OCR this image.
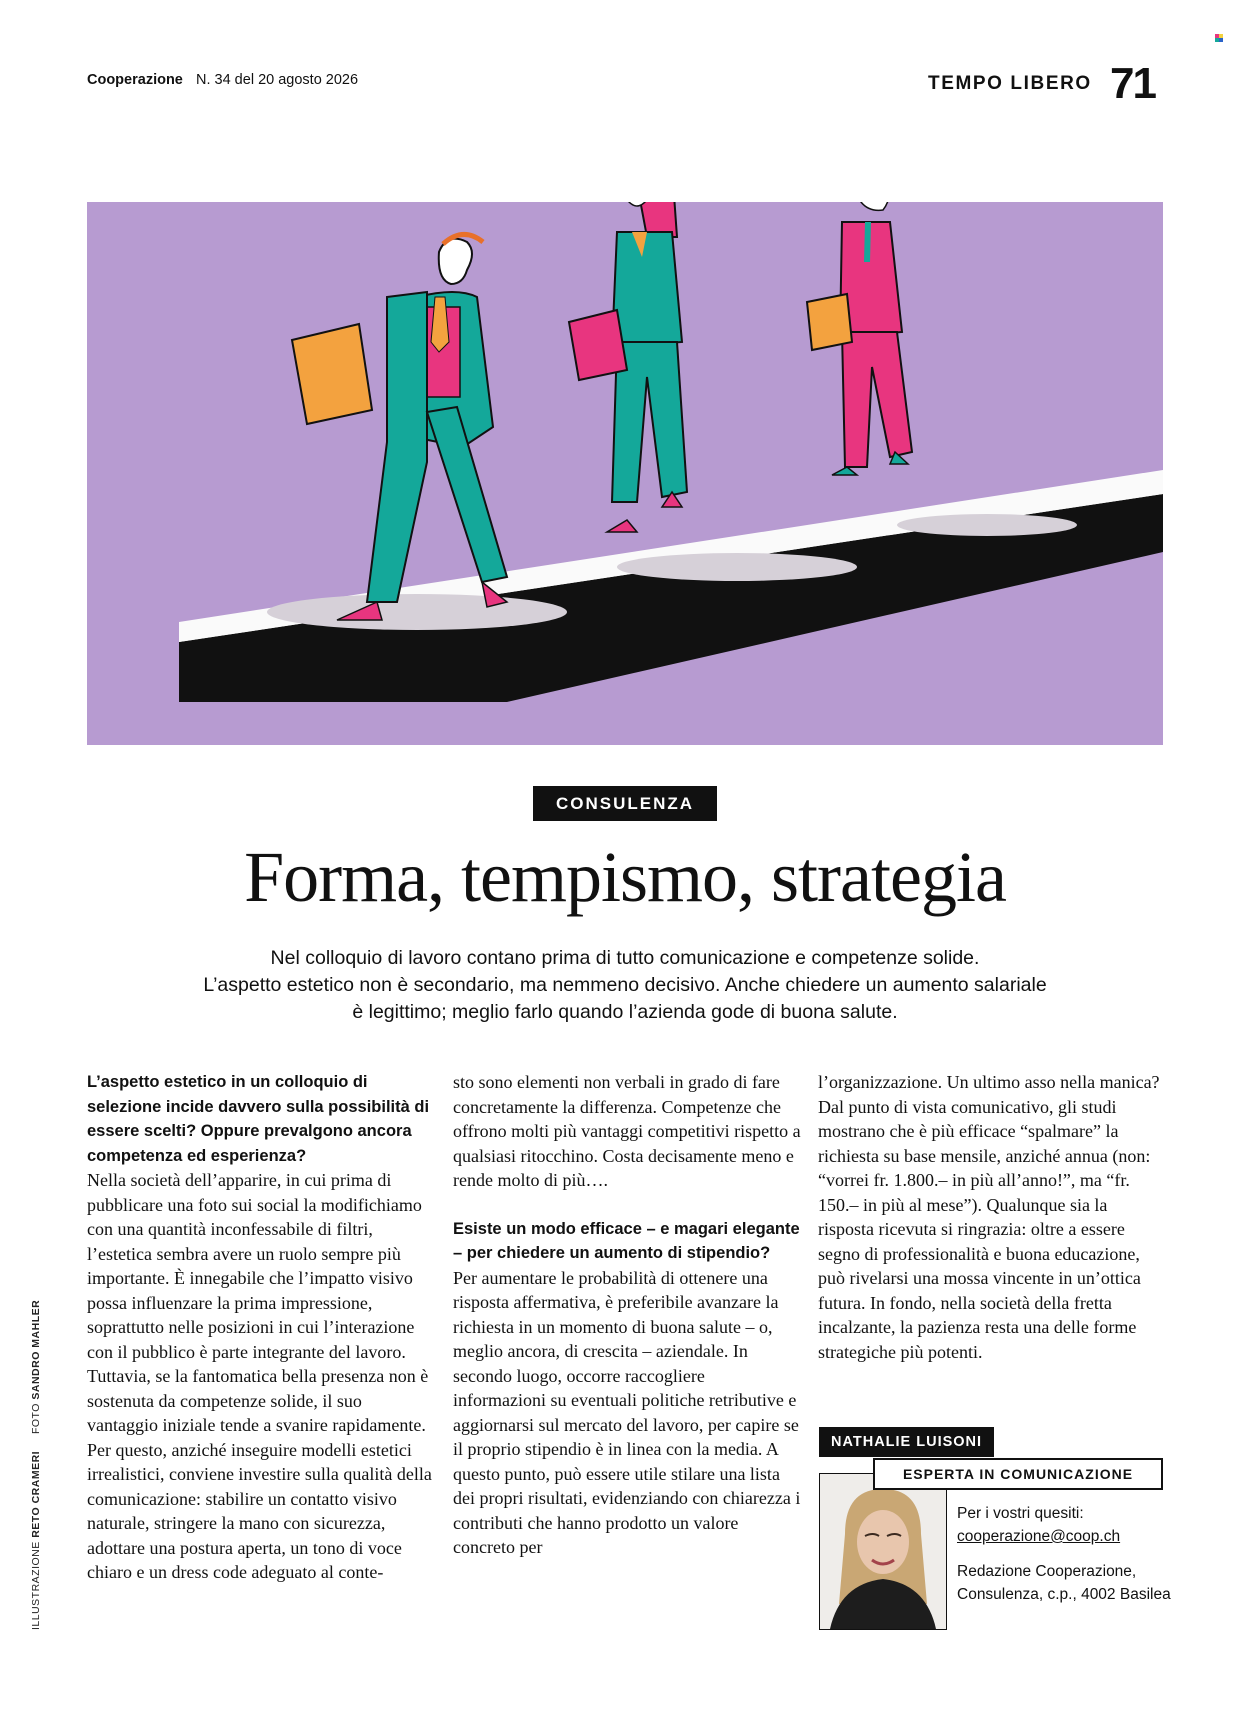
Cooperazione N. 34 del 20 agosto 2026	TEMPO LIBERO 71
CONSULENZA
Forma, tempismo, strategia
Nel colloquio di lavoro contano prima di tutto comunicazione e competenze solide.
L’aspetto estetico non è secondario, ma nemmeno decisivo. Anche chiedere un aumento salariale
è legittimo; meglio farlo quando l’azienda gode di buona salute.

L’aspetto estetico in un colloquio di selezione incide davvero sulla possibilità di essere scelti? Oppure prevalgono ancora competenza ed esperienza?

Nella società dell’apparire, in cui prima di pubblicare una foto sui social la modifichiamo con una quantità inconfessabile di filtri, l’estetica sembra avere un ruolo sempre più importante. È innegabile che l’impatto visivo possa influenzare la prima impressione, soprattutto nelle posizioni in cui l’interazione con il pubblico è parte integrante del lavoro. Tuttavia, se la fantomatica bella presenza non è sostenuta da competenze solide, il suo vantaggio iniziale tende a svanire rapidamente. Per questo, anziché inseguire modelli estetici irrealistici, conviene investire sulla qualità della comunicazione: stabilire un contatto visivo naturale, stringere la mano con sicurezza, adottare una postura aperta, un tono di voce chiaro e un dress code adeguato al conte-

sto sono elementi non verbali in grado di fare concretamente la differenza. Competenze che offrono molti più vantaggi competitivi rispetto a qualsiasi ritocchino. Costa decisamente meno e rende molto di più….

Esiste un modo efficace – e magari elegante – per chiedere un aumento di stipendio?

Per aumentare le probabilità di ottenere una risposta affermativa, è preferibile avanzare la richiesta in un momento di buona salute – o, meglio ancora, di crescita – aziendale. In secondo luogo, occorre raccogliere informazioni su eventuali politiche retributive e aggiornarsi sul mercato del lavoro, per capire se il proprio stipendio è in linea con la media. A questo punto, può essere utile stilare una lista dei propri risultati, evidenziando con chiarezza i contributi che hanno prodotto un valore concreto per

l’organizzazione. Un ultimo asso nella manica? Dal punto di vista comunicativo, gli studi mostrano che è più efficace “spalmare” la richiesta su base mensile, anziché annua (non: “vorrei fr. 1.800.– in più all’anno!”, ma “fr. 150.– in più al mese”). Qualunque sia la risposta ricevuta si ringrazia: oltre a essere segno di professionalità e buona educazione, può rivelarsi una mossa vincente in un’ottica futura. In fondo, nella società della fretta incalzante, la pazienza resta una delle forme strategiche più potenti.

NATHALIE LUISONI
ESPERTA IN COMUNICAZIONE
Per i vostri quesiti:
cooperazione@coop.ch
Redazione Cooperazione,
Consulenza, c.p., 4002 Basilea
ILLUSTRAZIONE RETO CRAMERI  FOTO SANDRO MAHLER
